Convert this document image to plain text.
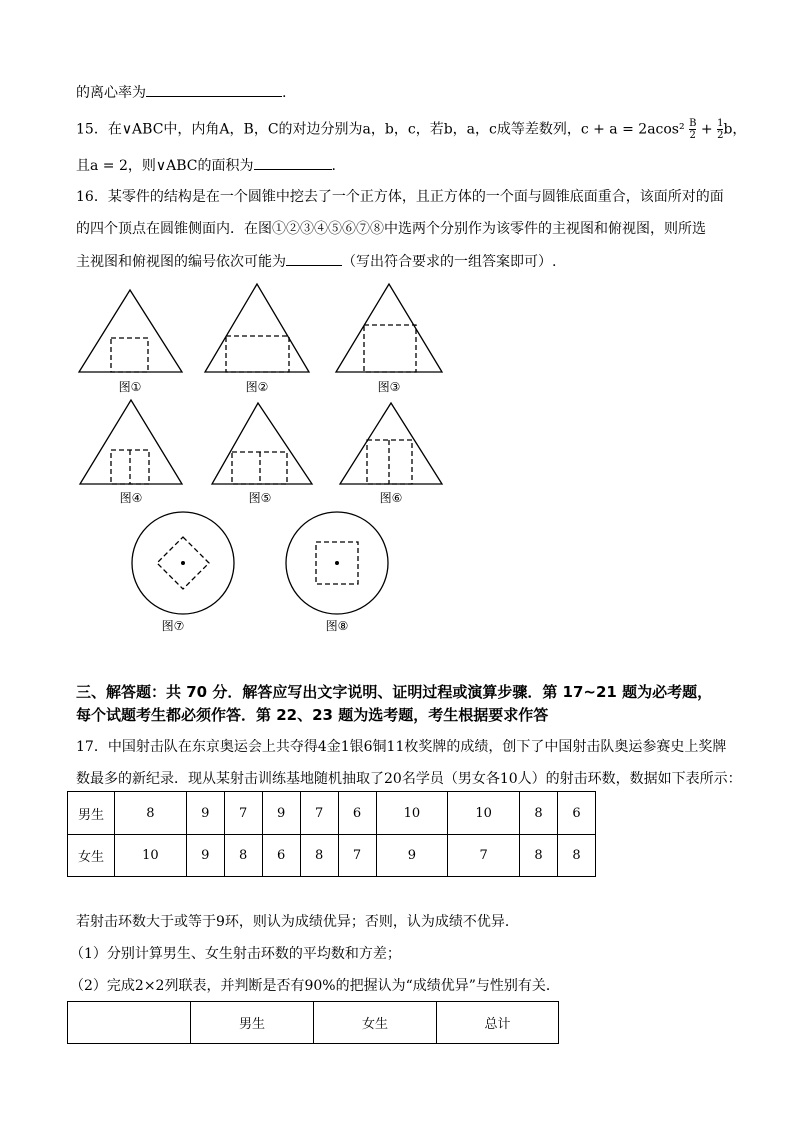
的离心率为	.
15．在∨ABC中，内角A，B，C的对边分别为a，b，c，若b，a，c成等差数列，$c + a = 2acos^2 \frac{B}{2} + \frac{1}{2}$ b，
且a = 2，则∨ABC的面积为	.
16．某零件的结构是在一个圆锥中挖去了一个正方体，且正方体的一个面与圆锥底面重合，该面所对的面
的四个顶点在圆锥侧面内．在图①②③④⑤⑥⑦⑧中选两个分别作为该零件的主视图和俯视图，则所选
主视图和俯视图的编号依次可能为	（写出符合要求的一组答案即可）.
图①	图②	图③
图④	图⑤	图⑥
图⑦	图⑧
三、解答题：共 70 分．解答应写出文字说明、证明过程或演算步骤．第 17~21 题为必考题，
每个试题考生都必须作答．第 22、23 题为选考题，考生根据要求作答
17．中国射击队在东京奥运会上共夺得4金1银6铜11枚奖牌的成绩，创下了中国射击队奥运参赛史上奖牌
数最多的新纪录．现从某射击训练基地随机抽取了20名学员（男女各10人）的射击环数，数据如下表所示：
男生	8	9	7	9	7	6	10	10	8	6
女生	10	9	8	6	8	7	9	7	8	8
若射击环数大于或等于9环，则认为成绩优异；否则，认为成绩不优异．
（1）分别计算男生、女生射击环数的平均数和方差；
（2）完成2×2列联表，并判断是否有90%的把握认为“成绩优异”与性别有关．
	男生	女生	总计
